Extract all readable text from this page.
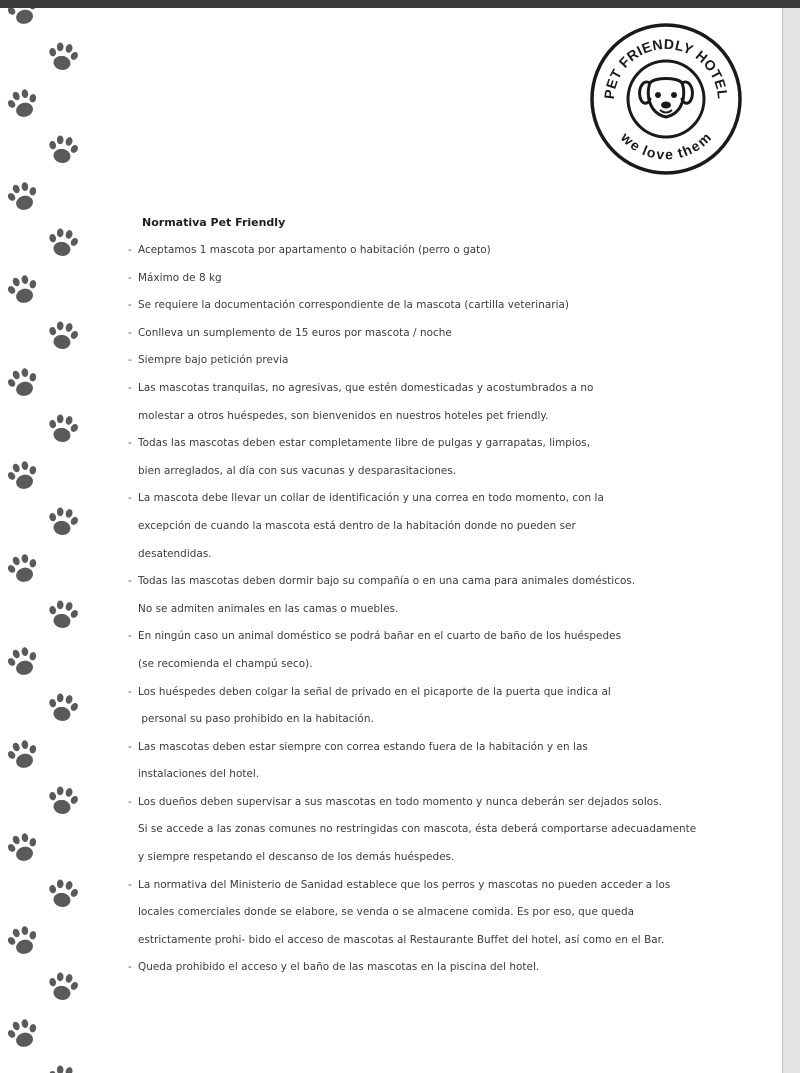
PET FRIENDLY HOTEL
we love them
Normativa Pet Friendly
- Aceptamos 1 mascota por apartamento o habitación (perro o gato)
- Máximo de 8 kg
- Se requiere la documentación correspondiente de la mascota (cartilla veterinaria)
- Conlleva un sumplemento de 15 euros por mascota / noche
- Siempre bajo petición previa
- Las mascotas tranquilas, no agresivas, que estén domesticadas y acostumbrados a no
molestar a otros huéspedes, son bienvenidos en nuestros hoteles pet friendly.
- Todas las mascotas deben estar completamente libre de pulgas y garrapatas, limpios,
bien arreglados, al día con sus vacunas y desparasitaciones.
- La mascota debe llevar un collar de identificación y una correa en todo momento, con la
excepción de cuando la mascota está dentro de la habitación donde no pueden ser
desatendidas.
- Todas las mascotas deben dormir bajo su compañía o en una cama para animales domésticos.
No se admiten animales en las camas o muebles.
- En ningún caso un animal doméstico se podrá bañar en el cuarto de baño de los huéspedes
(se recomienda el champú seco).
- Los huéspedes deben colgar la señal de privado en el picaporte de la puerta que indica al
personal su paso prohibido en la habitación.
- Las mascotas deben estar siempre con correa estando fuera de la habitación y en las
instalaciones del hotel.
- Los dueños deben supervisar a sus mascotas en todo momento y nunca deberán ser dejados solos.
Si se accede a las zonas comunes no restringidas con mascota, ésta deberá comportarse adecuadamente
y siempre respetando el descanso de los demás huéspedes.
- La normativa del Ministerio de Sanidad establece que los perros y mascotas no pueden acceder a los
locales comerciales donde se elabore, se venda o se almacene comida. Es por eso, que queda
estrictamente prohi- bido el acceso de mascotas al Restaurante Buffet del hotel, así como en el Bar.
- Queda prohibido el acceso y el baño de las mascotas en la piscina del hotel.
